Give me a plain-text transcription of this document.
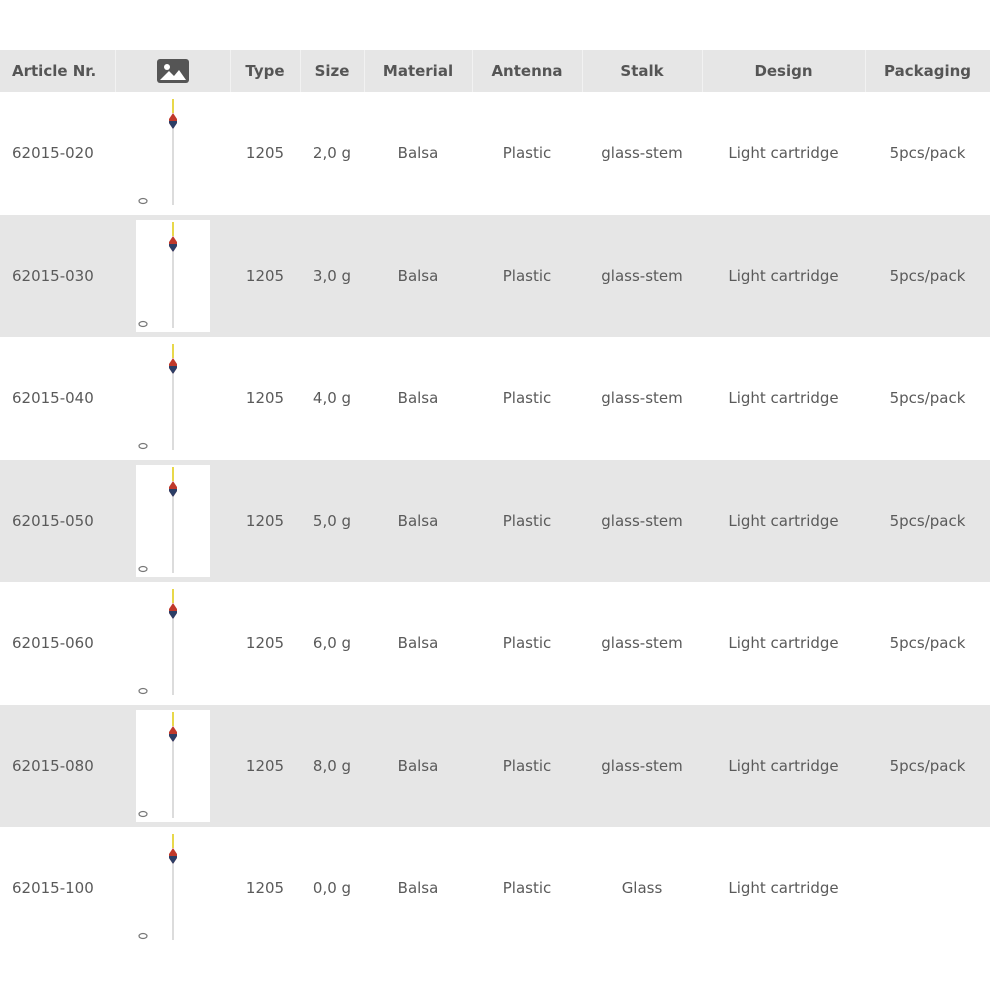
Article Nr.	Type	Size	Material	Antenna	Stalk	Design	Packaging
62015-020	1205	2,0 g	Balsa	Plastic	glass-stem	Light cartridge	5pcs/pack
62015-030	1205	3,0 g	Balsa	Plastic	glass-stem	Light cartridge	5pcs/pack
62015-040	1205	4,0 g	Balsa	Plastic	glass-stem	Light cartridge	5pcs/pack
62015-050	1205	5,0 g	Balsa	Plastic	glass-stem	Light cartridge	5pcs/pack
62015-060	1205	6,0 g	Balsa	Plastic	glass-stem	Light cartridge	5pcs/pack
62015-080	1205	8,0 g	Balsa	Plastic	glass-stem	Light cartridge	5pcs/pack
62015-100	1205	0,0 g	Balsa	Plastic	Glass	Light cartridge
